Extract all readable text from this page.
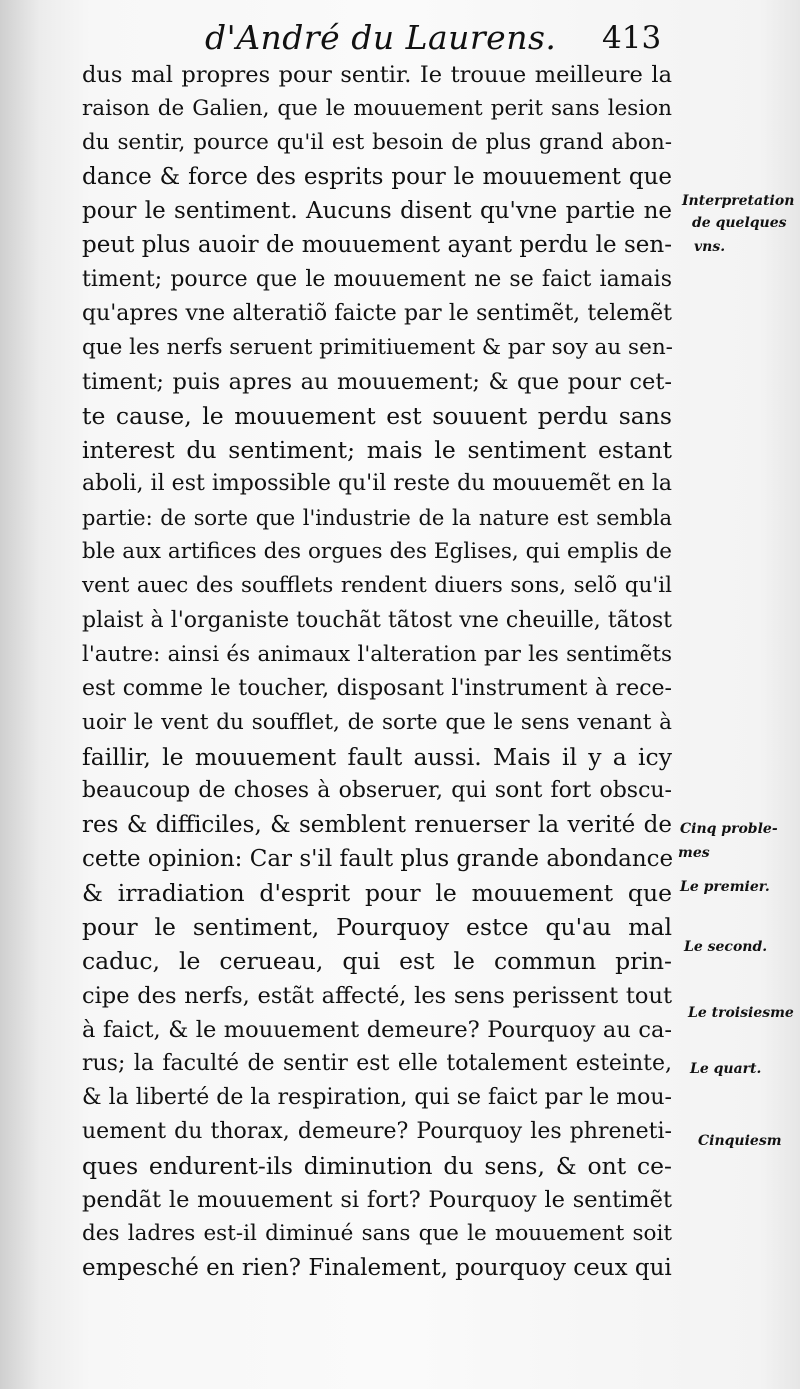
d'André du Laurens. 413
dus mal propres pour sentir. Ie trouue meilleure la
raison de Galien, que le mouuement perit sans lesion
du sentir, pource qu'il est besoin de plus grand abon-
dance & force des esprits pour le mouuement que
pour le sentiment. Aucuns disent qu'vne partie ne
peut plus auoir de mouuement ayant perdu le sen-
timent; pource que le mouuement ne se faict iamais
qu'apres vne alteratiõ faicte par le sentimẽt, telemẽt
que les nerfs seruent primitiuement & par soy au sen-
timent; puis apres au mouuement; & que pour cet-
te cause, le mouuement est souuent perdu sans
interest du sentiment; mais le sentiment estant
aboli, il est impossible qu'il reste du mouuemẽt en la
partie: de sorte que l'industrie de la nature est sembla
ble aux artifices des orgues des Eglises, qui emplis de
vent auec des soufflets rendent diuers sons, selõ qu'il
plaist à l'organiste touchãt tãtost vne cheuille, tãtost
l'autre: ainsi és animaux l'alteration par les sentimẽts
est comme le toucher, disposant l'instrument à rece-
uoir le vent du soufflet, de sorte que le sens venant à
faillir, le mouuement fault aussi. Mais il y a icy
beaucoup de choses à obseruer, qui sont fort obscu-
res & difficiles, & semblent renuerser la verité de
cette opinion: Car s'il fault plus grande abondance
& irradiation d'esprit pour le mouuement que
pour le sentiment, Pourquoy estce qu'au mal
caduc, le cerueau, qui est le commun prin-
cipe des nerfs, estãt affecté, les sens perissent tout
à faict, & le mouuement demeure? Pourquoy au ca-
rus; la faculté de sentir est elle totalement esteinte,
& la liberté de la respiration, qui se faict par le mou-
uement du thorax, demeure? Pourquoy les phreneti-
ques endurent-ils diminution du sens, & ont ce-
pendãt le mouuement si fort? Pourquoy le sentimẽt
des ladres est-il diminué sans que le mouuement soit
empesché en rien? Finalement, pourquoy ceux qui
Interpretation
de quelques
vns.
Cinq proble-
mes
Le premier.
Le second.
Le troisiesme
Le quart.
Cinquiesm
